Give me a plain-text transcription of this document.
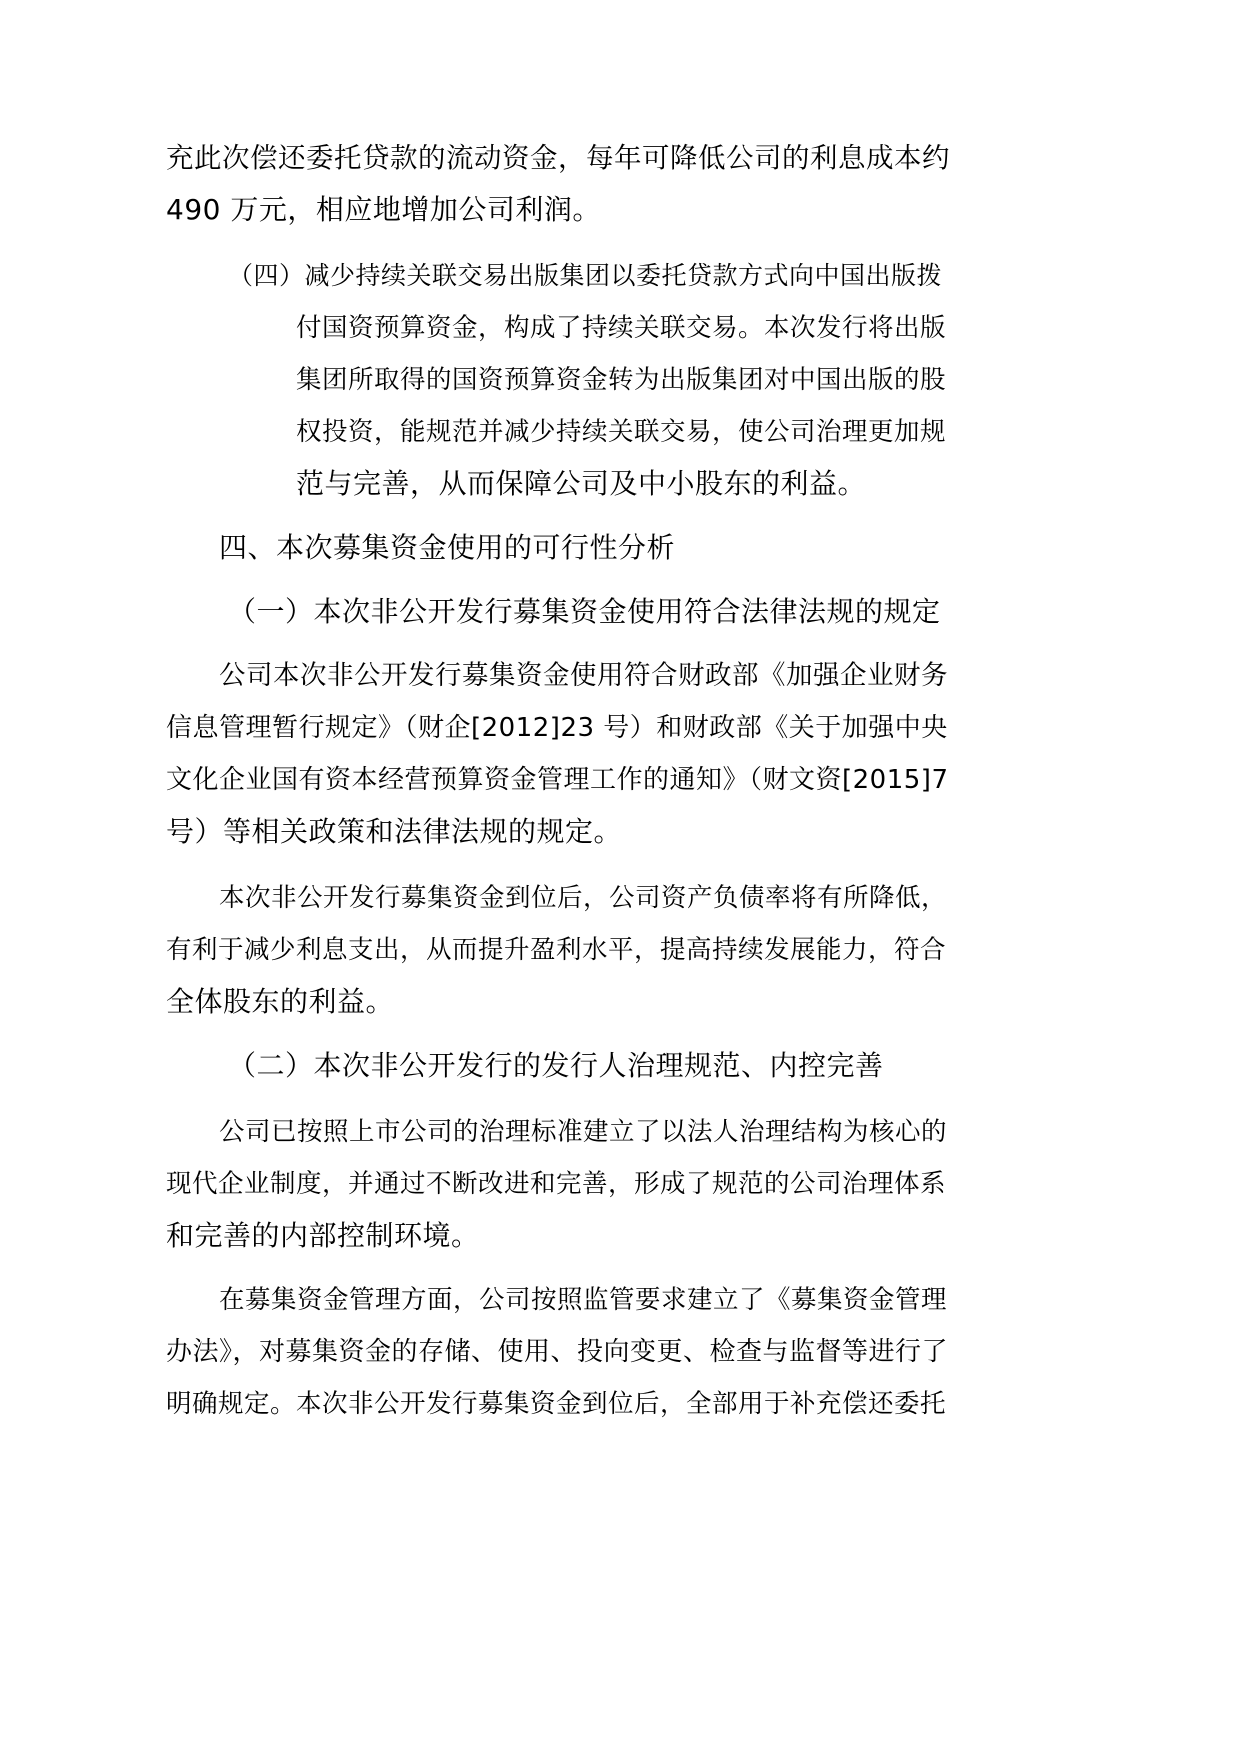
充此次偿还委托贷款的流动资金，每年可降低公司的利息成本约
490 万元，相应地增加公司利润。
（四）减少持续关联交易出版集团以委托贷款方式向中国出版拨
付国资预算资金，构成了持续关联交易。本次发行将出版
集团所取得的国资预算资金转为出版集团对中国出版的股
权投资，能规范并减少持续关联交易，使公司治理更加规
范与完善，从而保障公司及中小股东的利益。
四、本次募集资金使用的可行性分析
（一）本次非公开发行募集资金使用符合法律法规的规定
公司本次非公开发行募集资金使用符合财政部《加强企业财务
信息管理暂行规定》（财企[2012]23 号）和财政部《关于加强中央
文化企业国有资本经营预算资金管理工作的通知》（财文资[2015]7
号）等相关政策和法律法规的规定。
本次非公开发行募集资金到位后，公司资产负债率将有所降低，
有利于减少利息支出，从而提升盈利水平，提高持续发展能力，符合
全体股东的利益。
（二）本次非公开发行的发行人治理规范、内控完善
公司已按照上市公司的治理标准建立了以法人治理结构为核心的
现代企业制度，并通过不断改进和完善，形成了规范的公司治理体系
和完善的内部控制环境。
在募集资金管理方面，公司按照监管要求建立了《募集资金管理
办法》，对募集资金的存储、使用、投向变更、检查与监督等进行了
明确规定。本次非公开发行募集资金到位后，全部用于补充偿还委托
